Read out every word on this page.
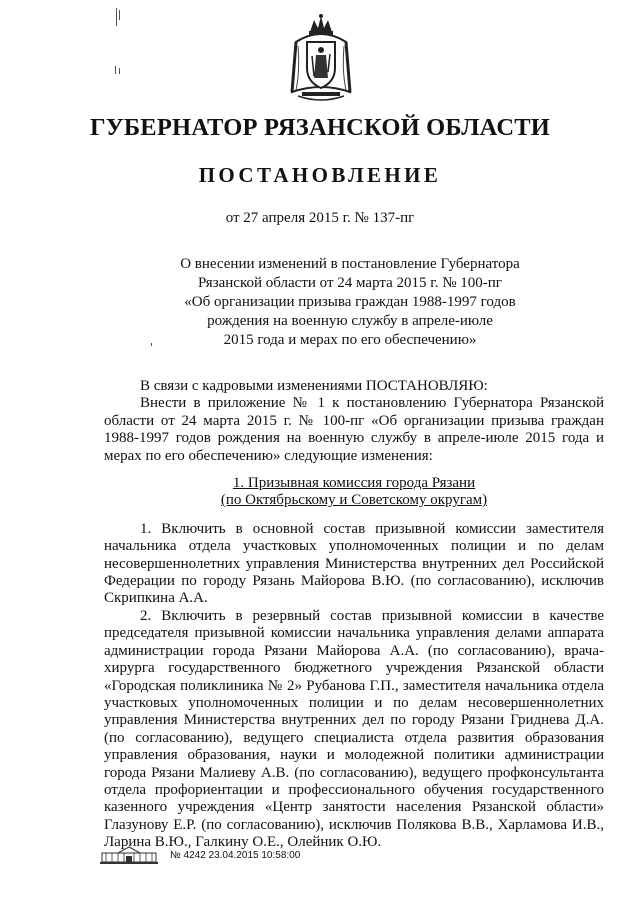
ГУБЕРНАТОР РЯЗАНСКОЙ ОБЛАСТИ
ПОСТАНОВЛЕНИЕ
от 27 апреля 2015 г. № 137-пг
О внесении изменений в постановление Губернатора
Рязанской области от 24 марта 2015 г. № 100-пг
«Об организации призыва граждан 1988-1997 годов
рождения на военную службу в апреле-июле
2015 года и мерах по его обеспечению»

В связи с кадровыми изменениями ПОСТАНОВЛЯЮ:

Внести в приложение № 1 к постановлению Губернатора Рязанской области от 24 марта 2015 г. № 100-пг «Об организации призыва граждан 1988-1997 годов рождения на военную службу в апреле-июле 2015 года и мерах по его обеспечению» следующие изменения:

1. Призывная комиссия города Рязани
(по Октябрьскому и Советскому округам)

1. Включить в основной состав призывной комиссии заместителя начальника отдела участковых уполномоченных полиции и по делам несовершеннолетних управления Министерства внутренних дел Российской Федерации по городу Рязань Майорова В.Ю. (по согласованию), исключив Скрипкина А.А.

2. Включить в резервный состав призывной комиссии в качестве председателя призывной комиссии начальника управления делами аппарата администрации города Рязани Майорова А.А. (по согласованию), врача-хирурга государственного бюджетного учреждения Рязанской области «Городская поликлиника № 2» Рубанова Г.П., заместителя начальника отдела участковых уполномоченных полиции и по делам несовершеннолетних управления Министерства внутренних дел по городу Рязани Гриднева Д.А. (по согласованию), ведущего специалиста отдела развития образования управления образования, науки и молодежной политики администрации города Рязани Малиеву А.В. (по согласованию), ведущего профконсультанта отдела профориентации и профессионального обучения государственного казенного учреждения «Центр занятости населения Рязанской области» Глазунову Е.Р. (по согласованию), исключив Полякова В.В., Харламова И.В., Ларина В.Ю., Галкину О.Е., Олейник О.Ю.

№ 4242 23.04.2015 10:58:00
